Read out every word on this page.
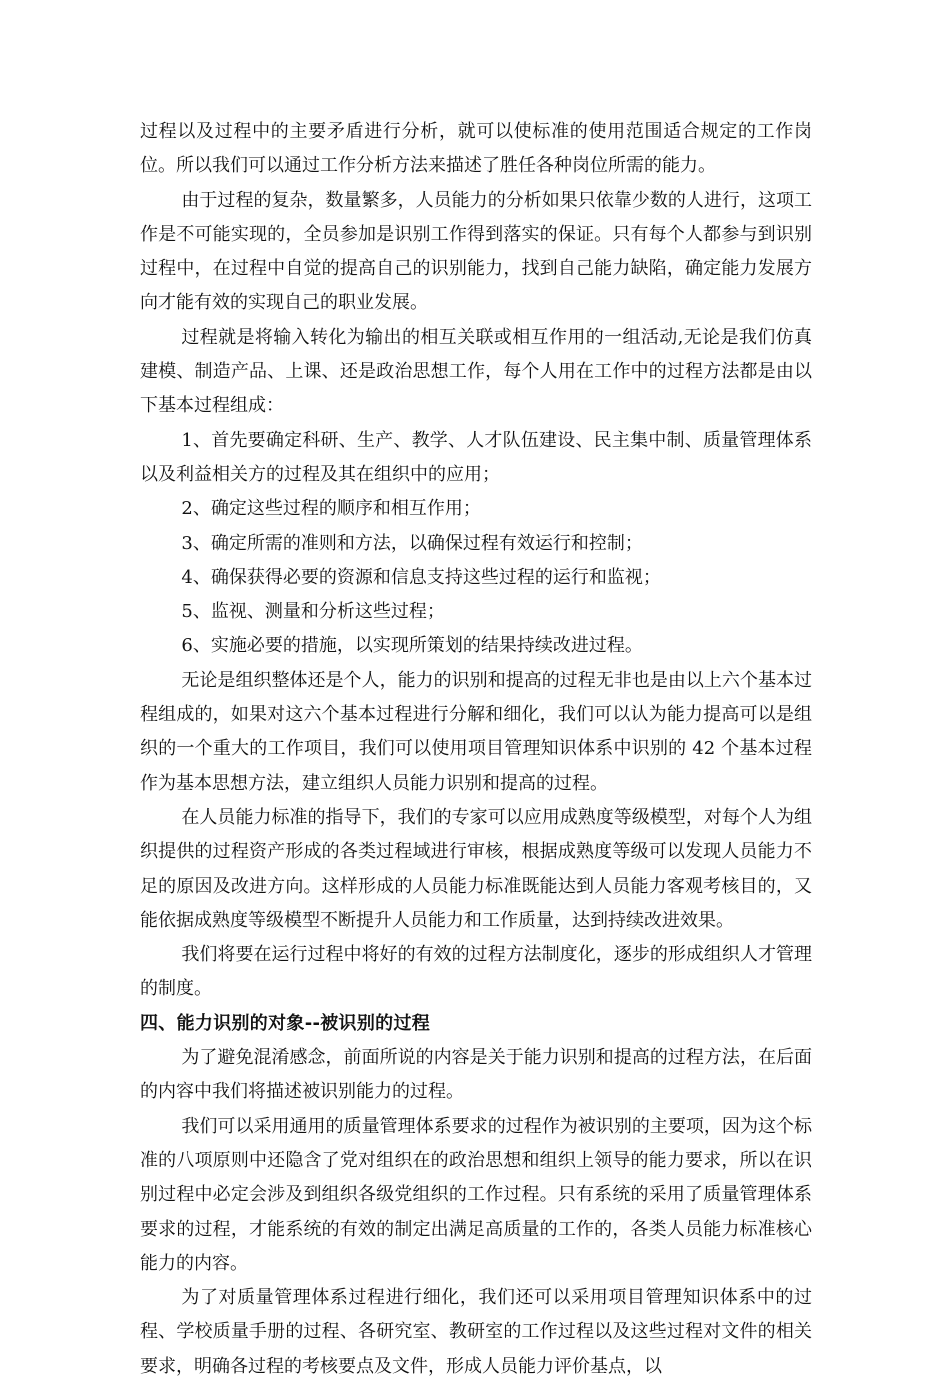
过程以及过程中的主要矛盾进行分析，就可以使标准的使用范围适合规定的工作岗位。所以我们可以通过工作分析方法来描述了胜任各种岗位所需的能力。

由于过程的复杂，数量繁多，人员能力的分析如果只依靠少数的人进行，这项工作是不可能实现的，全员参加是识别工作得到落实的保证。只有每个人都参与到识别过程中，在过程中自觉的提高自己的识别能力，找到自己能力缺陷，确定能力发展方向才能有效的实现自己的职业发展。

过程就是将输入转化为输出的相互关联或相互作用的一组活动,无论是我们仿真建模、制造产品、上课、还是政治思想工作，每个人用在工作中的过程方法都是由以下基本过程组成：

1、首先要确定科研、生产、教学、人才队伍建设、民主集中制、质量管理体系以及利益相关方的过程及其在组织中的应用；

2、确定这些过程的顺序和相互作用；

3、确定所需的准则和方法，以确保过程有效运行和控制；

4、确保获得必要的资源和信息支持这些过程的运行和监视；

5、监视、测量和分析这些过程；

6、实施必要的措施，以实现所策划的结果持续改进过程。

无论是组织整体还是个人，能力的识别和提高的过程无非也是由以上六个基本过程组成的，如果对这六个基本过程进行分解和细化，我们可以认为能力提高可以是组织的一个重大的工作项目，我们可以使用项目管理知识体系中识别的 42 个基本过程作为基本思想方法，建立组织人员能力识别和提高的过程。

在人员能力标准的指导下，我们的专家可以应用成熟度等级模型，对每个人为组织提供的过程资产形成的各类过程域进行审核，根据成熟度等级可以发现人员能力不足的原因及改进方向。这样形成的人员能力标准既能达到人员能力客观考核目的，又能依据成熟度等级模型不断提升人员能力和工作质量，达到持续改进效果。

我们将要在运行过程中将好的有效的过程方法制度化，逐步的形成组织人才管理的制度。

四、能力识别的对象--被识别的过程

为了避免混淆感念，前面所说的内容是关于能力识别和提高的过程方法，在后面的内容中我们将描述被识别能力的过程。

我们可以采用通用的质量管理体系要求的过程作为被识别的主要项，因为这个标准的八项原则中还隐含了党对组织在的政治思想和组织上领导的能力要求，所以在识别过程中必定会涉及到组织各级党组织的工作过程。只有系统的采用了质量管理体系要求的过程，才能系统的有效的制定出满足高质量的工作的，各类人员能力标准核心能力的内容。

为了对质量管理体系过程进行细化，我们还可以采用项目管理知识体系中的过程、学校质量手册的过程、各研究室、教研室的工作过程以及这些过程对文件的相关要求，明确各过程的考核要点及文件，形成人员能力评价基点，以
